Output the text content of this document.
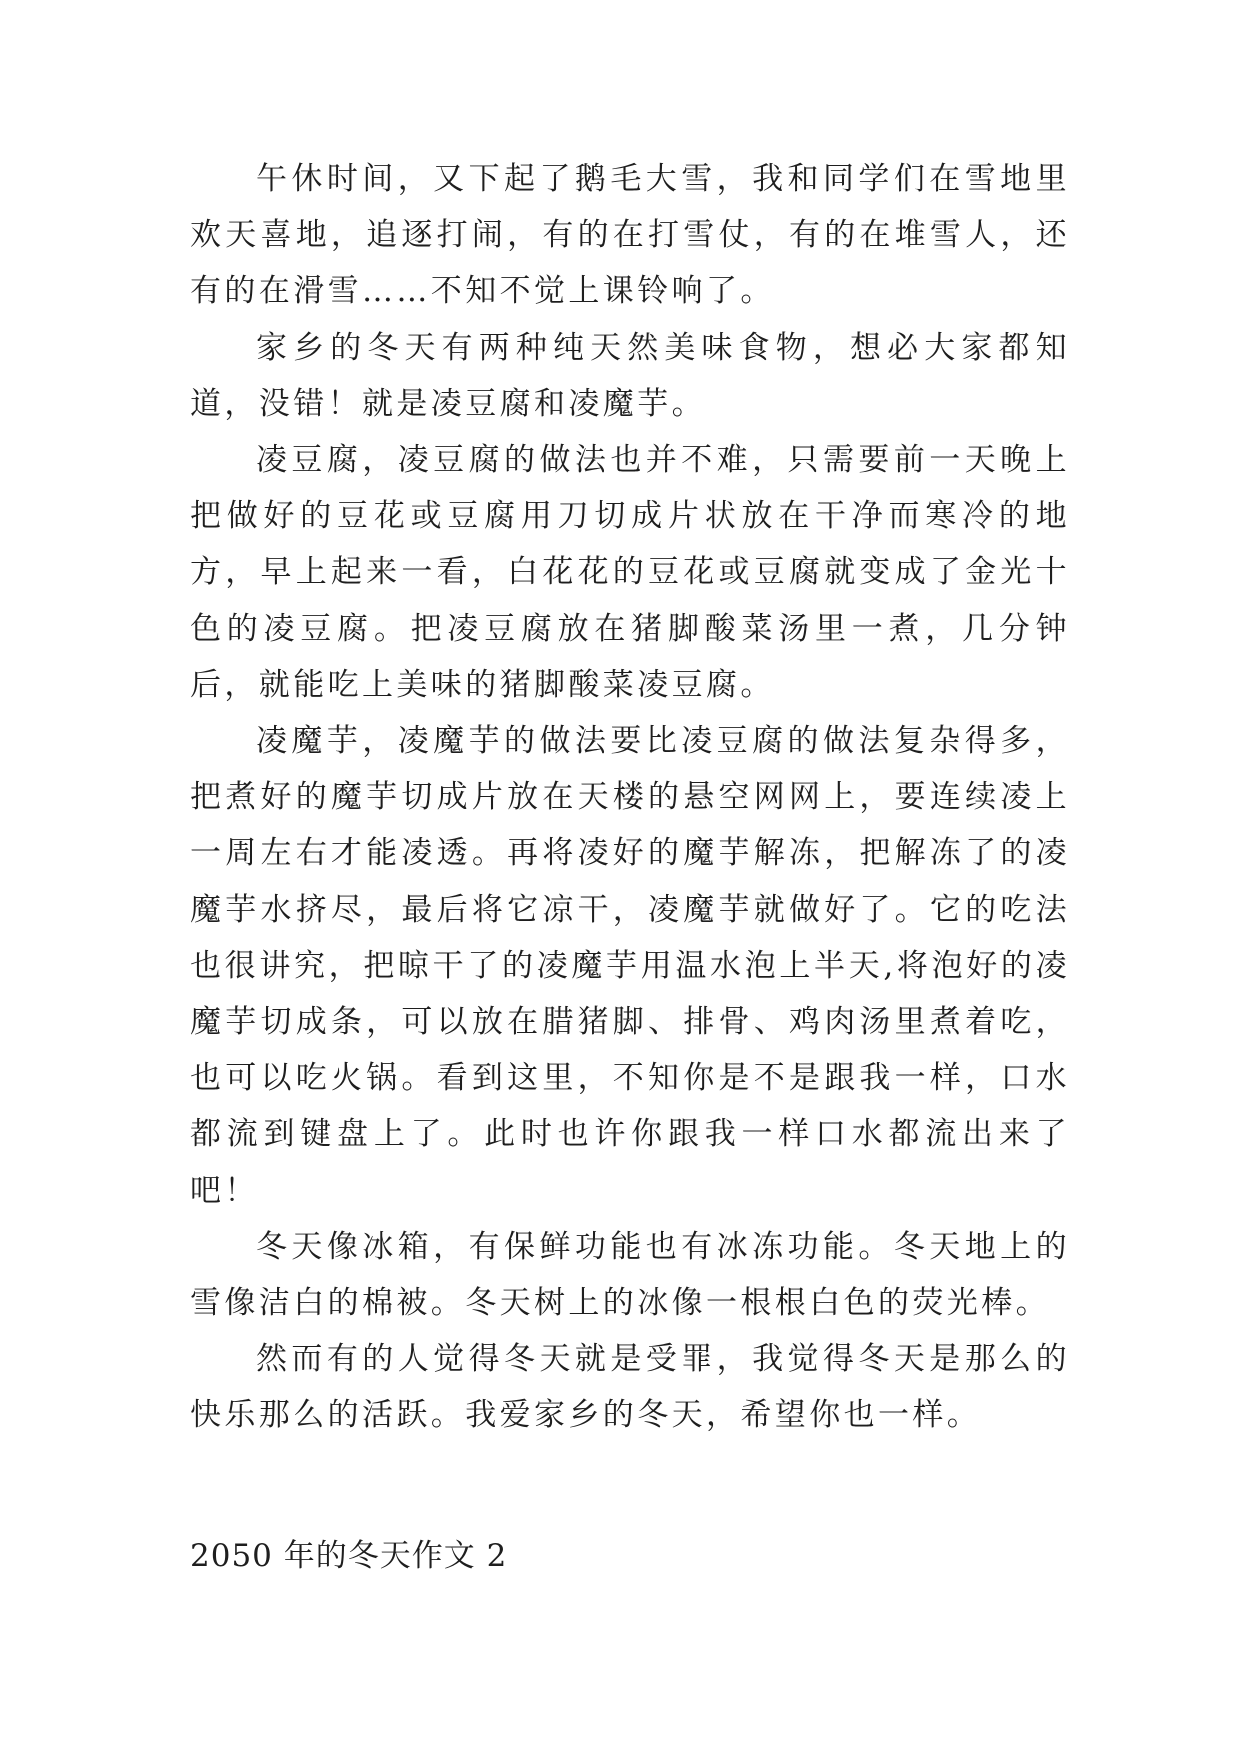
午休时间，又下起了鹅毛大雪，我和同学们在雪地里欢天喜地，追逐打闹，有的在打雪仗，有的在堆雪人，还有的在滑雪……不知不觉上课铃响了。

家乡的冬天有两种纯天然美味食物，想必大家都知道，没错！就是凌豆腐和凌魔芋。

凌豆腐，凌豆腐的做法也并不难，只需要前一天晚上把做好的豆花或豆腐用刀切成片状放在干净而寒冷的地方，早上起来一看，白花花的豆花或豆腐就变成了金光十色的凌豆腐。把凌豆腐放在猪脚酸菜汤里一煮，几分钟后，就能吃上美味的猪脚酸菜凌豆腐。

凌魔芋，凌魔芋的做法要比凌豆腐的做法复杂得多，把煮好的魔芋切成片放在天楼的悬空网网上，要连续凌上一周左右才能凌透。再将凌好的魔芋解冻，把解冻了的凌魔芋水挤尽，最后将它凉干，凌魔芋就做好了。它的吃法也很讲究，把晾干了的凌魔芋用温水泡上半天,将泡好的凌魔芋切成条，可以放在腊猪脚、排骨、鸡肉汤里煮着吃，也可以吃火锅。看到这里，不知你是不是跟我一样，口水都流到键盘上了。此时也许你跟我一样口水都流出来了吧！

冬天像冰箱，有保鲜功能也有冰冻功能。冬天地上的雪像洁白的棉被。冬天树上的冰像一根根白色的荧光棒。

然而有的人觉得冬天就是受罪，我觉得冬天是那么的快乐那么的活跃。我爱家乡的冬天，希望你也一样。

2050 年的冬天作文 2
